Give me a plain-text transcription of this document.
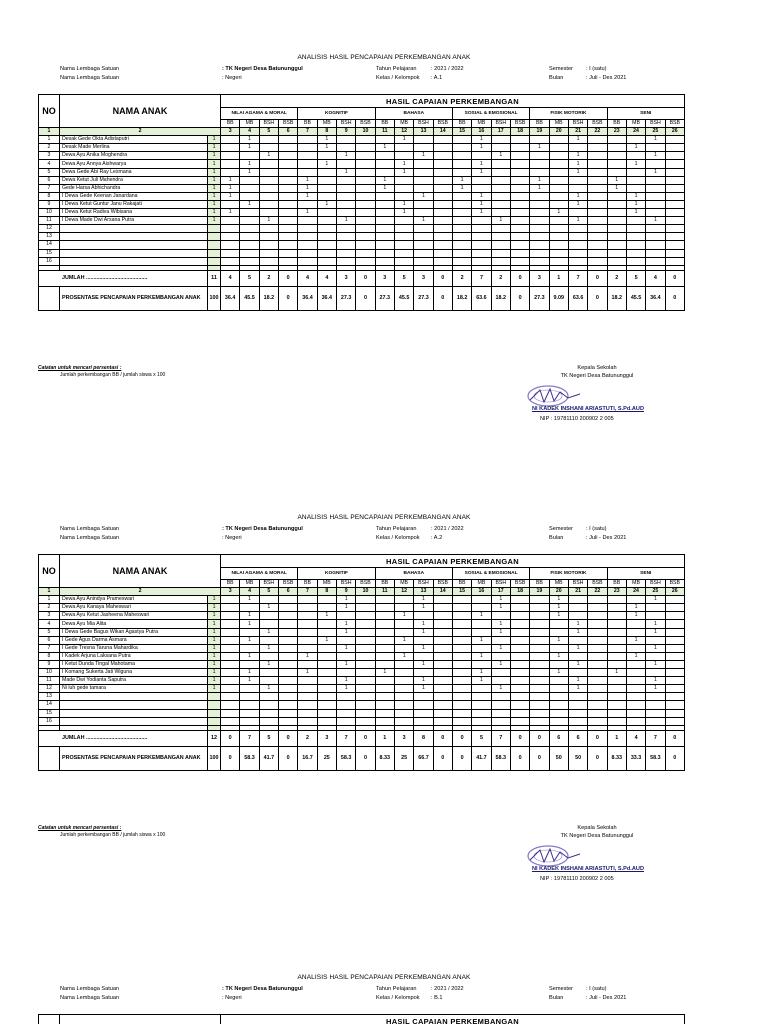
ANALISIS HASIL PENCAPAIAN PERKEMBANGAN ANAK
Nama Lembaga Satuan
Nama Lembaga Satuan
: TK Negeri Desa Batununggul
: Negeri
Tahun Pelajaran
Kelas / Kelompok
: 2021 / 2022
: A.1
Semester
Bulan
: I (satu)
: Juli - Des 2021
NO	NAMA ANAK		HASIL CAPAIAN PERKEMBANGAN																							
			NILAI AGAMA & MORAL				KOGNITIF				BAHASA				SOSIAL & EMOSIONAL				FISIK MOTORIK				SENI			
			BB	MB	BSH	BSB	BB	MB	BSH	BSB	BB	MB	BSH	BSB	BB	MB	BSH	BSB	BB	MB	BSH	BSB	BB	MB	BSH	BSB
1	2		3	4	5	6	7	8	9	10	11	12	13	14	15	16	17	18	19	20	21	22	23	24	25	26
1	Desak Gede Okta Adistaputri	1		1				1				1				1					1				1	
2	Desak Made Merlina	1		1				1			1					1			1					1		
3	Dewa Ayu Anika Moghendra	1			1				1				1				1				1				1	
4	Dewa Ayu Annya Aishwarya	1		1				1				1				1					1			1		
5	Dewa Gede Abi Ray Lesmana	1		1					1			1				1					1				1	
6	Dewa Ketut Juli Mahendra	1	1				1				1				1				1				1			
7	Gede Harsa Abhichandra	1	1				1				1				1				1				1			
8	I Dewa Gede Keenan Janardana	1	1				1						1			1					1			1		
9	I Dewa Ketut Guntur Janu Rakajati	1		1				1				1				1					1			1		
10	I Dewa Ketut Radiva Wibisana	1	1				1					1				1				1				1		
11	I Dewa Made Dwi Arsana Putra	1			1				1				1				1				1				1	
12																										
13																										
14																										
15																										
16																										

JUMLAH .........................................		11	4	5	2	0	4	4	3	0	3	5	3	0	2	7	2	0	3	1	7	0	2	5	4	0
	PROSENTASE PENCAPAIAN PERKEMBANGAN ANAK	100	36.4	45.5	18.2	0	36.4	36.4	27.3	0	27.3	45.5	27.3	0	18.2	63.6	18.2	0	27.3	9.09	63.6	0	18.2	45.5	36.4	0
Catatan untuk mencari persentasi :
Jumlah perkembangan BB / jumlah siswa x 100
Kepala Sekolah
TK Negeri Desa Batununggul
NI KADEK INSHANI ARIASTUTI, S.Pd.AUD
NIP : 19781110 200902 2 005
ANALISIS HASIL PENCAPAIAN PERKEMBANGAN ANAK
Nama Lembaga Satuan
Nama Lembaga Satuan
: TK Negeri Desa Batununggul
: Negeri
Tahun Pelajaran
Kelas / Kelompok
: 2021 / 2022
: A.2
Semester
Bulan
: I (satu)
: Juli - Des 2021
NO	NAMA ANAK		HASIL CAPAIAN PERKEMBANGAN																							
			NILAI AGAMA & MORAL				KOGNITIF				BAHASA				SOSIAL & EMOSIONAL				FISIK MOTORIK				SENI			
			BB	MB	BSH	BSB	BB	MB	BSH	BSB	BB	MB	BSH	BSB	BB	MB	BSH	BSB	BB	MB	BSH	BSB	BB	MB	BSH	BSB
1	2		3	4	5	6	7	8	9	10	11	12	13	14	15	16	17	18	19	20	21	22	23	24	25	26
1	Dewa Ayu Anindya Prameswari	1		1					1				1				1			1					1	
2	Dewa Ayu Kanaya Maheswari	1			1				1				1				1			1				1		
3	Dewa Ayu Ketut Jasheena Maheswari	1		1				1				1				1				1				1		
4	Dewa Ayu Mia Alita	1		1					1				1				1				1				1	
5	I Dewa Gede Bagus Wikan Agastya Putra	1			1				1				1				1				1				1	
6	I Gede Agus Darma Asmara	1		1				1				1				1				1				1		
7	I Gede Tresna Taruna Mahardika	1			1				1				1				1				1				1	
8	I Kadek Arjuna Laksana Putra	1		1			1					1				1				1				1		
9	I Ketut Dunda Tingal Mahotama	1			1				1				1				1				1				1	
10	I Komang Sukerta Jati Wiguna	1		1			1				1					1				1			1			
11	Made Dwi Yodianta Saputra	1		1					1				1			1					1				1	
12	Ni luh gede tamara	1			1				1				1				1				1				1	
13																										
14																										
15																										
16																										

JUMLAH .........................................		12	0	7	5	0	2	3	7	0	1	3	8	0	0	5	7	0	0	6	6	0	1	4	7	0
	PROSENTASE PENCAPAIAN PERKEMBANGAN ANAK	100	0	58.3	41.7	0	16.7	25	58.3	0	8.33	25	66.7	0	0	41.7	58.3	0	0	50	50	0	8.33	33.3	58.3	0
Catatan untuk mencari persentasi :
Jumlah perkembangan BB / jumlah siswa x 100
Kepala Sekolah
TK Negeri Desa Batununggul
NI KADEK INSHANI ARIASTUTI, S.Pd.AUD
NIP : 19781110 200902 2 005
ANALISIS HASIL PENCAPAIAN PERKEMBANGAN ANAK
Nama Lembaga Satuan
Nama Lembaga Satuan
: TK Negeri Desa Batununggul
: Negeri
Tahun Pelajaran
Kelas / Kelompok
: 2021 / 2022
: B.1
Semester
Bulan
: I (satu)
: Juli - Des 2021
		HASIL CAPAIAN PERKEMBANGAN
